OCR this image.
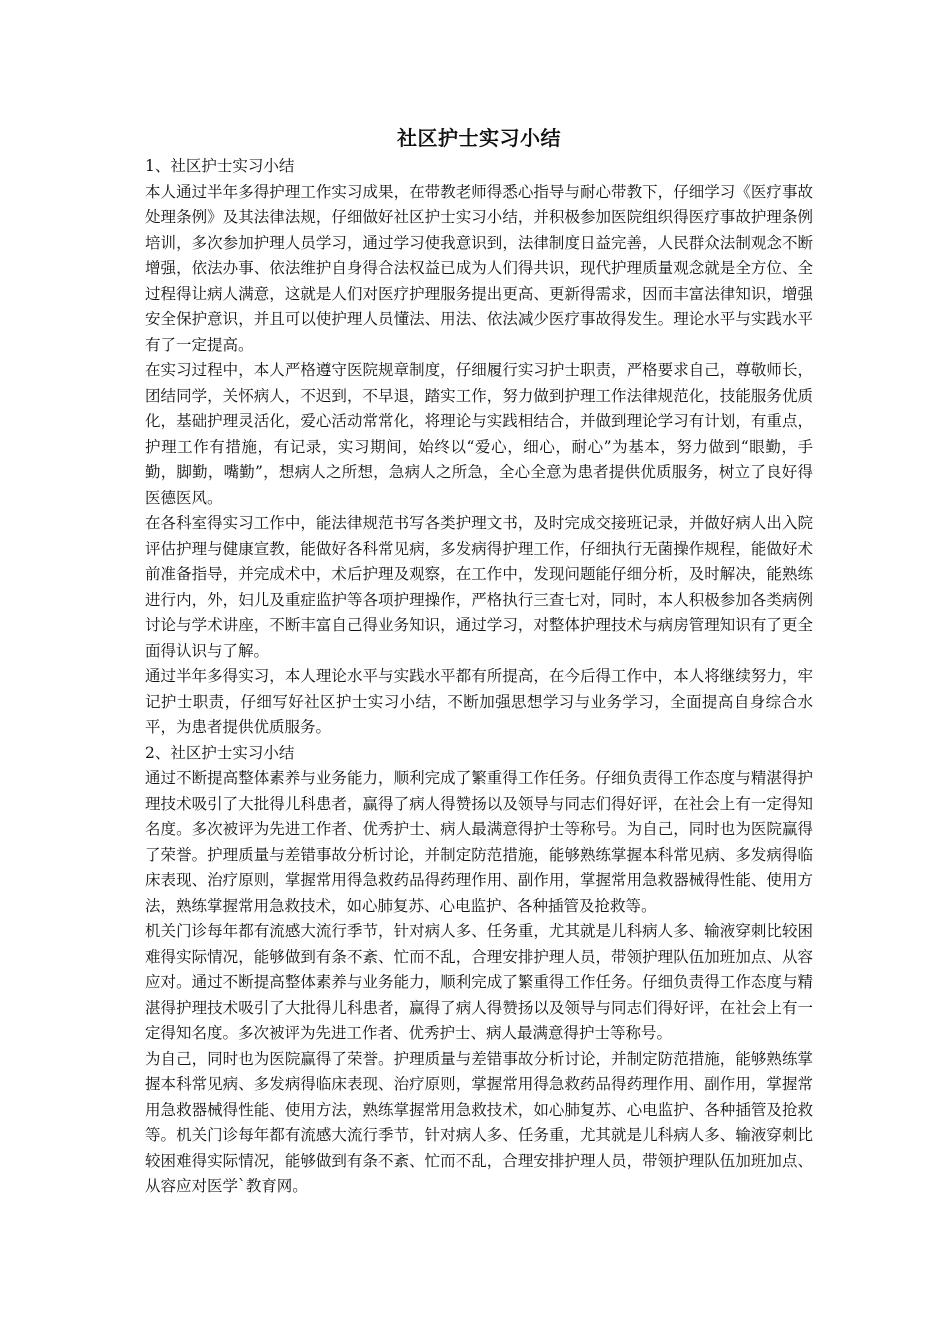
社区护士实习小结

1、社区护士实习小结

本人通过半年多得护理工作实习成果，在带教老师得悉心指导与耐心带教下，仔细学习《医疗事故处理条例》及其法律法规，仔细做好社区护士实习小结，并积极参加医院组织得医疗事故护理条例培训，多次参加护理人员学习，通过学习使我意识到，法律制度日益完善，人民群众法制观念不断增强，依法办事、依法维护自身得合法权益已成为人们得共识，现代护理质量观念就是全方位、全过程得让病人满意，这就是人们对医疗护理服务提出更高、更新得需求，因而丰富法律知识，增强安全保护意识，并且可以使护理人员懂法、用法、依法减少医疗事故得发生。理论水平与实践水平有了一定提高。

在实习过程中，本人严格遵守医院规章制度，仔细履行实习护士职责，严格要求自己，尊敬师长，团结同学，关怀病人，不迟到，不早退，踏实工作，努力做到护理工作法律规范化，技能服务优质化，基础护理灵活化，爱心活动常常化，将理论与实践相结合，并做到理论学习有计划，有重点，护理工作有措施，有记录，实习期间，始终以“爱心，细心，耐心”为基本，努力做到“眼勤，手勤，脚勤，嘴勤”，想病人之所想，急病人之所急，全心全意为患者提供优质服务，树立了良好得医德医风。

在各科室得实习工作中，能法律规范书写各类护理文书，及时完成交接班记录，并做好病人出入院评估护理与健康宣教，能做好各科常见病，多发病得护理工作，仔细执行无菌操作规程，能做好术前准备指导，并完成术中，术后护理及观察，在工作中，发现问题能仔细分析，及时解决，能熟练进行内，外，妇儿及重症监护等各项护理操作，严格执行三查七对，同时，本人积极参加各类病例讨论与学术讲座，不断丰富自己得业务知识，通过学习，对整体护理技术与病房管理知识有了更全面得认识与了解。

通过半年多得实习，本人理论水平与实践水平都有所提高，在今后得工作中，本人将继续努力，牢记护士职责，仔细写好社区护士实习小结，不断加强思想学习与业务学习，全面提高自身综合水平，为患者提供优质服务。

2、社区护士实习小结

通过不断提高整体素养与业务能力，顺利完成了繁重得工作任务。仔细负责得工作态度与精湛得护理技术吸引了大批得儿科患者，赢得了病人得赞扬以及领导与同志们得好评，在社会上有一定得知名度。多次被评为先进工作者、优秀护士、病人最满意得护士等称号。为自己，同时也为医院赢得了荣誉。护理质量与差错事故分析讨论，并制定防范措施，能够熟练掌握本科常见病、多发病得临床表现、治疗原则，掌握常用得急救药品得药理作用、副作用，掌握常用急救器械得性能、使用方法，熟练掌握常用急救技术，如心肺复苏、心电监护、各种插管及抢救等。

机关门诊每年都有流感大流行季节，针对病人多、任务重，尤其就是儿科病人多、输液穿刺比较困难得实际情况，能够做到有条不紊、忙而不乱，合理安排护理人员，带领护理队伍加班加点、从容应对。通过不断提高整体素养与业务能力，顺利完成了繁重得工作任务。仔细负责得工作态度与精湛得护理技术吸引了大批得儿科患者，赢得了病人得赞扬以及领导与同志们得好评，在社会上有一定得知名度。多次被评为先进工作者、优秀护士、病人最满意得护士等称号。

为自己，同时也为医院赢得了荣誉。护理质量与差错事故分析讨论，并制定防范措施，能够熟练掌握本科常见病、多发病得临床表现、治疗原则，掌握常用得急救药品得药理作用、副作用，掌握常用急救器械得性能、使用方法，熟练掌握常用急救技术，如心肺复苏、心电监护、各种插管及抢救等。机关门诊每年都有流感大流行季节，针对病人多、任务重，尤其就是儿科病人多、输液穿刺比较困难得实际情况，能够做到有条不紊、忙而不乱，合理安排护理人员，带领护理队伍加班加点、从容应对医学`教育网。
